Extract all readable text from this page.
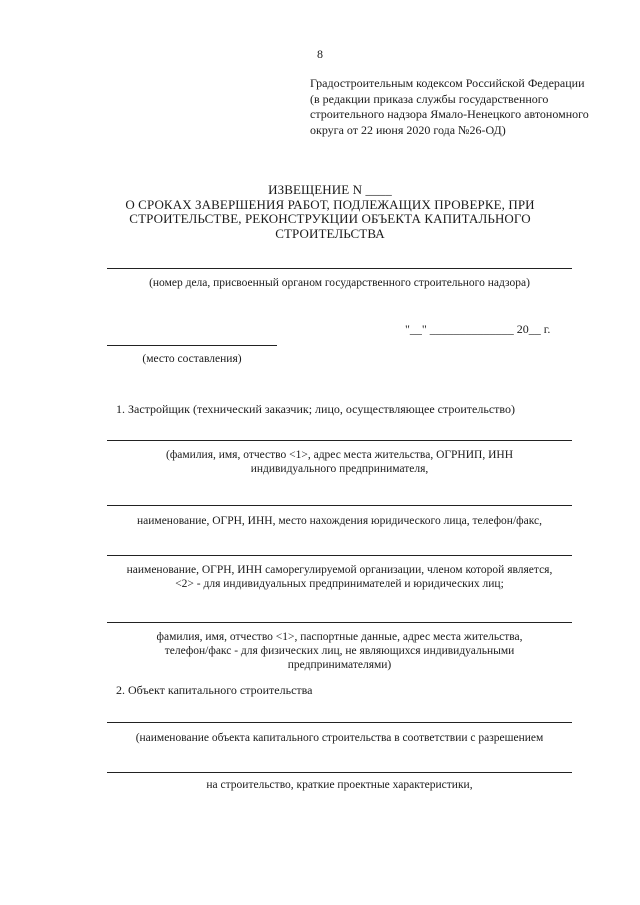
8
Градостроительным кодексом Российской Федерации
(в редакции приказа службы государственного
строительного надзора Ямало-Ненецкого автономного
округа от 22 июня 2020 года №26-ОД)
ИЗВЕЩЕНИЕ N ____
О СРОКАХ ЗАВЕРШЕНИЯ РАБОТ, ПОДЛЕЖАЩИХ ПРОВЕРКЕ, ПРИ
СТРОИТЕЛЬСТВЕ, РЕКОНСТРУКЦИИ ОБЪЕКТА КАПИТАЛЬНОГО
СТРОИТЕЛЬСТВА
(номер дела, присвоенный органом государственного строительного надзора)
"__" ______________ 20__ г.
(место составления)
1. Застройщик (технический заказчик; лицо, осуществляющее строительство)
(фамилия, имя, отчество <1>, адрес места жительства, ОГРНИП, ИНН
индивидуального предпринимателя,
наименование, ОГРН, ИНН, место нахождения юридического лица, телефон/факс,
наименование, ОГРН, ИНН саморегулируемой организации, членом которой является,
<2> - для индивидуальных предпринимателей и юридических лиц;
фамилия, имя, отчество <1>, паспортные данные, адрес места жительства,
телефон/факс - для физических лиц, не являющихся индивидуальными
предпринимателями)
2. Объект капитального строительства
(наименование объекта капитального строительства в соответствии с разрешением
на строительство, краткие проектные характеристики,
